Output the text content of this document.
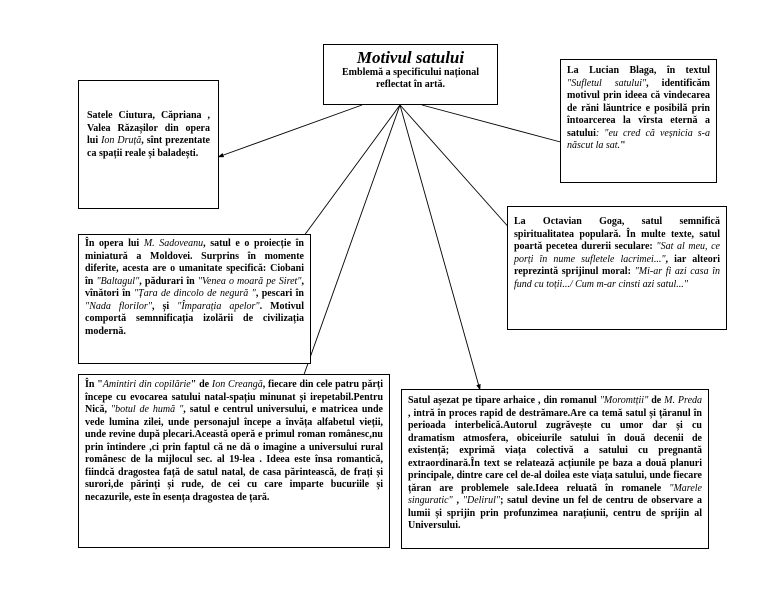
Motivul satului
Emblemă a specificului național reflectat în artă.
Satele Ciutura, Căpriana , Valea Răzașilor din opera lui Ion Druță, sînt prezentate ca spații reale și baladești.
La Lucian Blaga, în textul "Sufletul satului", identificăm motivul prin ideea că vindecarea de răni lăuntrice e posibilă prin întoarcerea la vîrsta eternă a satului: "eu cred că veșnicia s-a născut la sat."
În opera lui M. Sadoveanu, satul e o proiecție în miniatură a Moldovei. Surprins în momente diferite, acesta are o umanitate specifică: Ciobani în "Baltagul", pădurari în "Venea o moară pe Siret", vînători în "Țara de dincolo de negură ", pescari în "Nada florilor", și "Împarația apelor". Motivul comportă semnnificația izolării de civilizația modernă.
La Octavian Goga, satul semnifică spiritualitatea populară. În multe texte, satul poartă pecetea durerii seculare: "Sat al meu, ce porți în nume sufletele lacrimei...", iar alteori reprezintă sprijinul moral: "Mi-ar fi azi casa în fund cu toții.../ Cum m-ar cinsti azi satul..."
În "Amintiri din copilărie" de Ion Creangă, fiecare din cele patru părți începe cu evocarea satului natal-spațiu minunat și irepetabil.Pentru Nică, "botul de humă ", satul e centrul universului, e matricea unde vede lumina zilei, unde personajul începe a învăța alfabetul vieții, unde revine după plecari.Această operă e primul roman românesc,nu prin întindere ,ci prin faptul că ne dă o imagine a universului rural românesc de la mijlocul sec. al 19-lea . Ideea este însa romantică, fiindcă dragostea față de satul natal, de casa părintească, de frați și surori,de părinți și rude, de cei cu care imparte bucuriile și necazurile, este în esența dragostea de țară.
Satul așezat pe tipare arhaice , din romanul "Moromtții" de M. Preda , intră în proces rapid de destrămare.Are ca temă satul și țăranul în perioada interbelică.Autorul zugrăvește cu umor dar și cu dramatism atmosfera, obiceiurile satului în două decenii de existență; exprimă viața colectivă a satului cu pregnantă extraordinară.În text se relatează acțiunile pe baza a două planuri principale, dintre care cel de-al doilea este viața satului, unde fiecare țăran are problemele sale.Ideea reluată în romanele "Marele singuratic" , "Delirul"; satul devine un fel de centru de observare a lumii și sprijin prin profunzimea narațiunii, centru de sprijin al Universului.
